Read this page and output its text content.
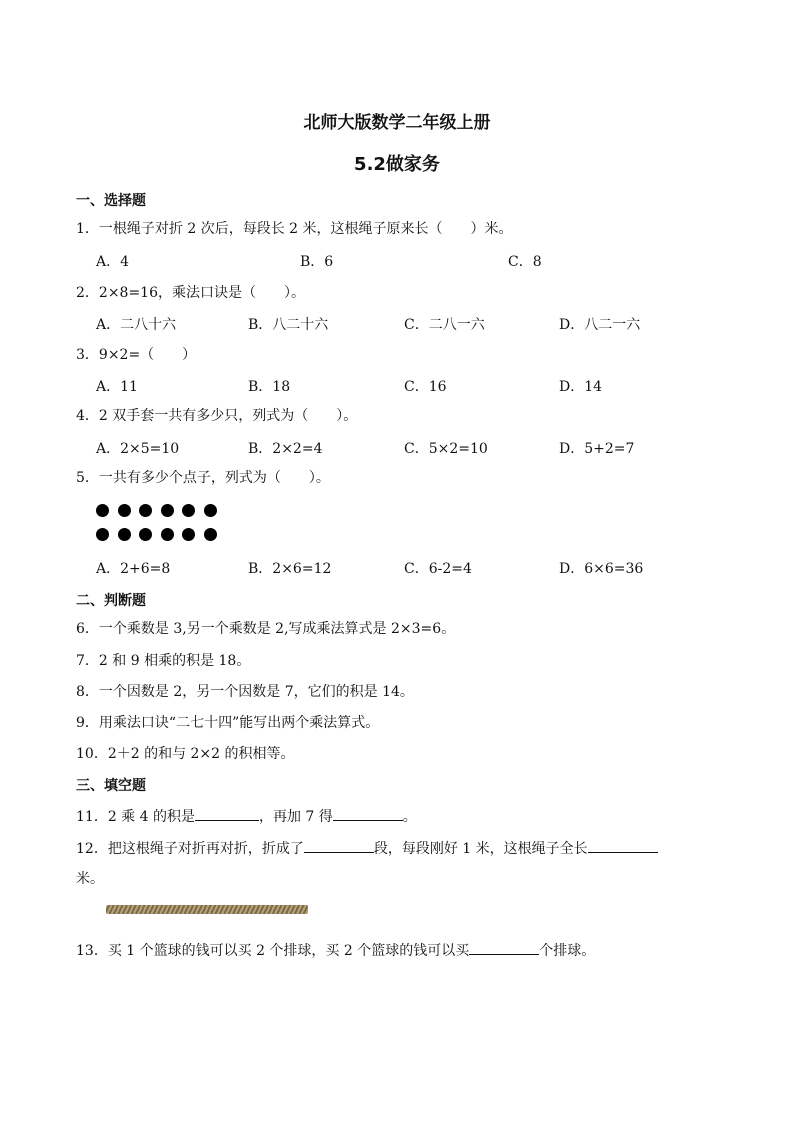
北师大版数学二年级上册
5.2做家务
一、选择题
1．一根绳子对折 2 次后，每段长 2 米，这根绳子原来长（　　）米。
A．4	B．6	C．8
2．2×8=16，乘法口诀是（　　）。
A．二八十六	B．八二十六	C．二八一六	D．八二一六
3．9×2=（　　）
A．11	B．18	C．16	D．14
4．2 双手套一共有多少只，列式为（　　）。
A．2×5=10	B．2×2=4	C．5×2=10	D．5+2=7
5．一共有多少个点子，列式为（　　）。
A．2+6=8	B．2×6=12	C．6-2=4	D．6×6=36
二、判断题
6．一个乘数是 3,另一个乘数是 2,写成乘法算式是 2×3=6。
7．2 和 9 相乘的积是 18。
8．一个因数是 2，另一个因数是 7，它们的积是 14。
9．用乘法口诀“二七十四”能写出两个乘法算式。
10．2＋2 的和与 2×2 的积相等。
三、填空题
11．2 乘 4 的积是	，再加 7 得	。
12．把这根绳子对折再对折，折成了	段，每段刚好 1 米，这根绳子全长
米。
13．买 1 个篮球的钱可以买 2 个排球，买 2 个篮球的钱可以买	个排球。
